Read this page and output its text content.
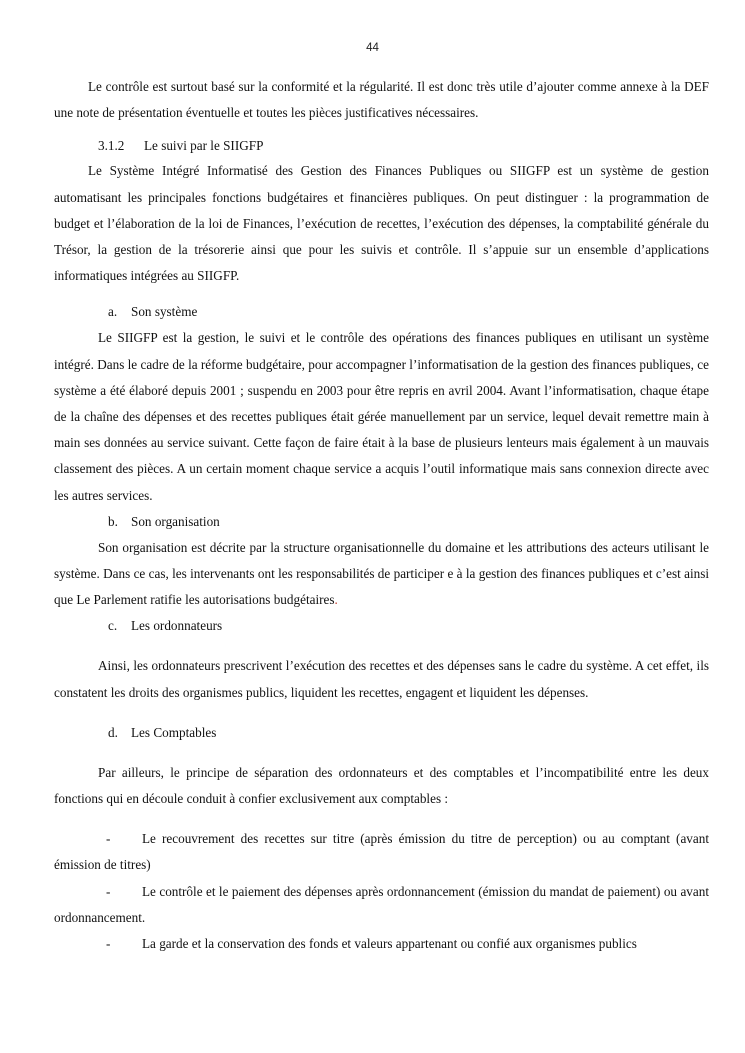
44

Le contrôle est surtout basé sur la conformité et la régularité. Il est donc très utile d’ajouter comme annexe à la DEF une note de présentation éventuelle et toutes les pièces justificatives nécessaires.

3.1.2 Le suivi par le SIIGFP

Le Système Intégré Informatisé des Gestion des Finances Publiques ou SIIGFP est un système de gestion automatisant les principales fonctions budgétaires et financières publiques. On peut distinguer : la programmation de budget et l’élaboration de la loi de Finances, l’exécution de recettes, l’exécution des dépenses, la comptabilité générale du Trésor, la gestion de la trésorerie ainsi que pour les suivis et contrôle. Il s’appuie sur un ensemble d’applications informatiques intégrées au SIIGFP.

a. Son système

Le SIIGFP est la gestion, le suivi et le contrôle des opérations des finances publiques en utilisant un système intégré. Dans le cadre de la réforme budgétaire, pour accompagner l’informatisation de la gestion des finances publiques, ce système a été élaboré depuis 2001 ; suspendu en 2003 pour être repris en avril 2004. Avant l’informatisation, chaque étape de la chaîne des dépenses et des recettes publiques était gérée manuellement par un service, lequel devait remettre main à main ses données au service suivant. Cette façon de faire était à la base de plusieurs lenteurs mais également à un mauvais classement des pièces. A un certain moment chaque service a acquis l’outil informatique mais sans connexion directe avec les autres services.

b. Son organisation

Son organisation est décrite par la structure organisationnelle du domaine et les attributions des acteurs utilisant le système. Dans ce cas, les intervenants ont les responsabilités de participer e à la gestion des finances publiques et c’est ainsi que Le Parlement ratifie les autorisations budgétaires.

c. Les ordonnateurs

Ainsi, les ordonnateurs prescrivent l’exécution des recettes et des dépenses sans le cadre du système. A cet effet, ils constatent les droits des organismes publics, liquident les recettes, engagent et liquident les dépenses.

d. Les Comptables

Par ailleurs, le principe de séparation des ordonnateurs et des comptables et l’incompatibilité entre les deux fonctions qui en découle conduit à confier exclusivement aux comptables :

- Le recouvrement des recettes sur titre (après émission du titre de perception) ou au comptant (avant émission de titres)

- Le contrôle et le paiement des dépenses après ordonnancement (émission du mandat de paiement) ou avant ordonnancement.

- La garde et la conservation des fonds et valeurs appartenant ou confié aux organismes publics
